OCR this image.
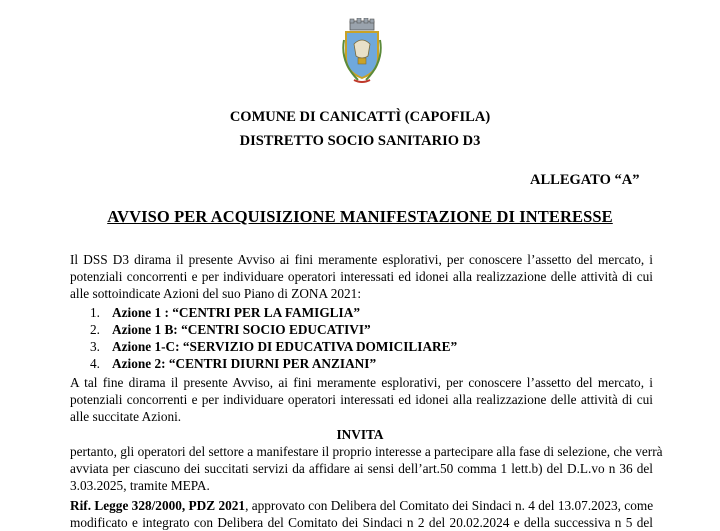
COMUNE DI CANICATTÌ (CAPOFILA)
DISTRETTO SOCIO SANITARIO D3
ALLEGATO “A”
AVVISO PER ACQUISIZIONE MANIFESTAZIONE DI INTERESSE
Il DSS D3 dirama il presente Avviso ai fini meramente esplorativi, per conoscere l’assetto del mercato, i
potenziali concorrenti e per individuare operatori interessati ed idonei alla realizzazione delle attività di cui
alle sottoindicate Azioni del suo Piano di ZONA 2021:
1. Azione 1 : “CENTRI PER LA FAMIGLIA”
2. Azione 1 B: “CENTRI SOCIO EDUCATIVI”
3. Azione 1-C: “SERVIZIO DI EDUCATIVA DOMICILIARE”
4. Azione 2: “CENTRI DIURNI PER ANZIANI”
A tal fine dirama il presente Avviso, ai fini meramente esplorativi, per conoscere l’assetto del mercato, i
potenziali concorrenti e per individuare operatori interessati ed idonei alla realizzazione delle attività di cui
alle succitate Azioni.
INVITA
pertanto, gli operatori del settore a manifestare il proprio interesse a partecipare alla fase di selezione, che verrà
avviata per ciascuno dei succitati servizi da affidare ai sensi dell’art.50 comma 1 lett.b) del D.L.vo n 36 del
3.03.2025, tramite MEPA.
Rif. Legge 328/2000, PDZ 2021, approvato con Delibera del Comitato dei Sindaci n. 4 del 13.07.2023, come
modificato e integrato con Delibera del Comitato dei Sindaci n 2 del 20.02.2024 e della successiva n 5 del
